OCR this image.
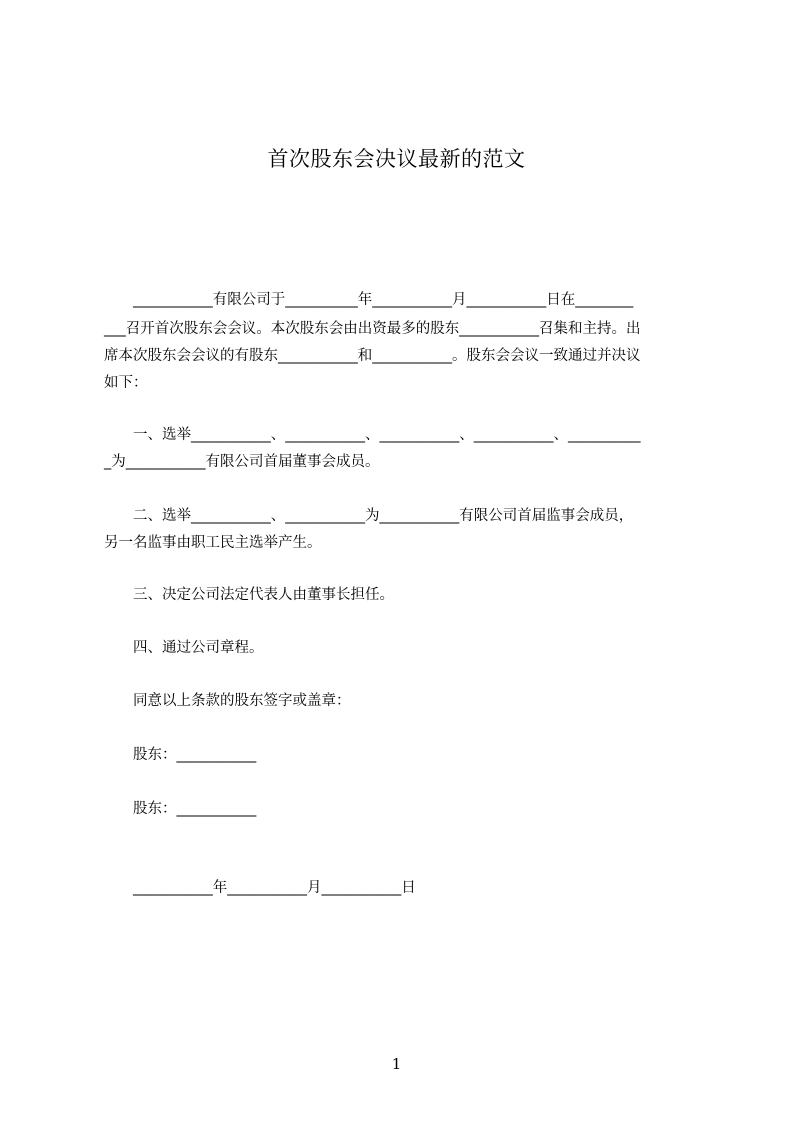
首次股东会决议最新的范文
　　___________有限公司于__________年___________月___________日在________
___召开首次股东会会议。本次股东会由出资最多的股东___________召集和主持。出
席本次股东会会议的有股东___________和___________。股东会会议一致通过并决议
如下：
　　一、选举___________、___________、___________、___________、__________
_为___________有限公司首届董事会成员。
　　二、选举___________、___________为___________有限公司首届监事会成员，
另一名监事由职工民主选举产生。
　　三、决定公司法定代表人由董事长担任。
　　四、通过公司章程。
　　同意以上条款的股东签字或盖章：
　　股东：___________
　　股东：___________
　　___________年___________月___________日
1
